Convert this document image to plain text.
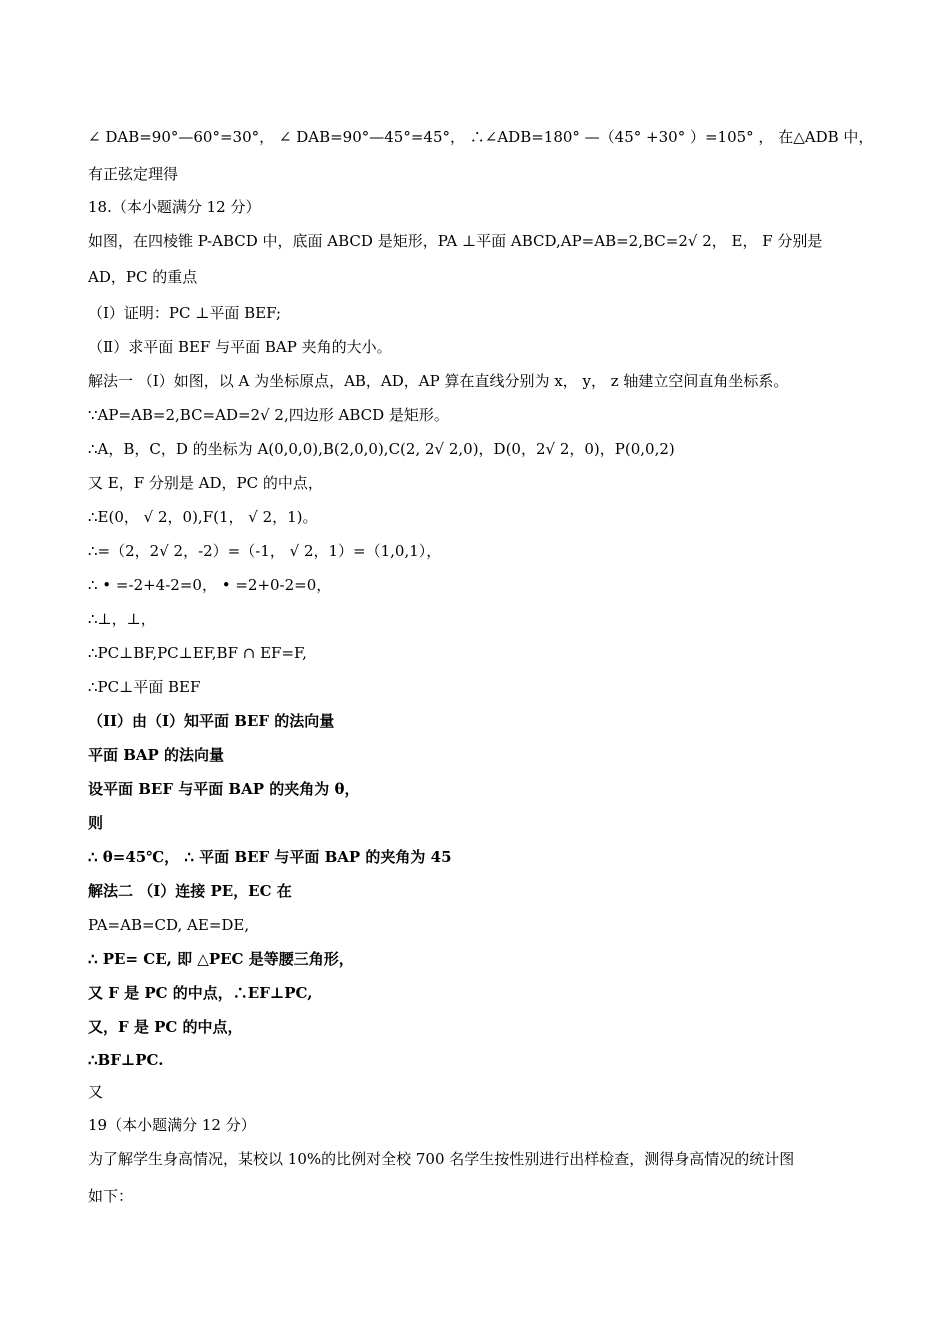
∠ DAB=90°—60°=30°， ∠ DAB=90°—45°=45°， ∴∠ADB=180° —（45° +30° ）=105° ， 在△ADB 中，
有正弦定理得
18.（本小题满分 12 分）
如图，在四棱锥 P-ABCD 中，底面 ABCD 是矩形，PA ⊥平面 ABCD,AP=AB=2,BC=2√ 2， E， F 分别是
AD，PC 的重点
（Ⅰ）证明：PC ⊥平面 BEF;
（Ⅱ）求平面 BEF 与平面 BAP 夹角的大小。
解法一 （Ⅰ）如图，以 A 为坐标原点，AB，AD，AP 算在直线分别为 x， y， z 轴建立空间直角坐标系。
∵AP=AB=2,BC=AD=2√ 2,四边形 ABCD 是矩形。
∴A，B，C，D 的坐标为 A(0,0,0),B(2,0,0),C(2, 2√ 2,0)，D(0，2√ 2，0)，P(0,0,2)
又 E，F 分别是 AD，PC 的中点，
∴E(0， √ 2，0),F(1， √ 2，1)。
∴=（2，2√ 2，-2）=（-1， √ 2，1）=（1,0,1），
∴ • =-2+4-2=0， • =2+0-2=0，
∴⊥，⊥，
∴PC⊥BF,PC⊥EF,BF ∩ EF=F,
∴PC⊥平面 BEF
（II）由（I）知平面 BEF 的法向量
平面 BAP 的法向量
设平面 BEF 与平面 BAP 的夹角为 θ，
则
∴ θ=45℃， ∴ 平面 BEF 与平面 BAP 的夹角为 45
解法二 （I）连接 PE，EC 在
PA=AB=CD, AE=DE,
∴ PE= CE, 即 △PEC 是等腰三角形，
又 F 是 PC 的中点，∴EF⊥PC,
又，F 是 PC 的中点，
∴BF⊥PC.
又
19（本小题满分 12 分）
为了解学生身高情况，某校以 10%的比例对全校 700 名学生按性别进行出样检查，测得身高情况的统计图
如下：
